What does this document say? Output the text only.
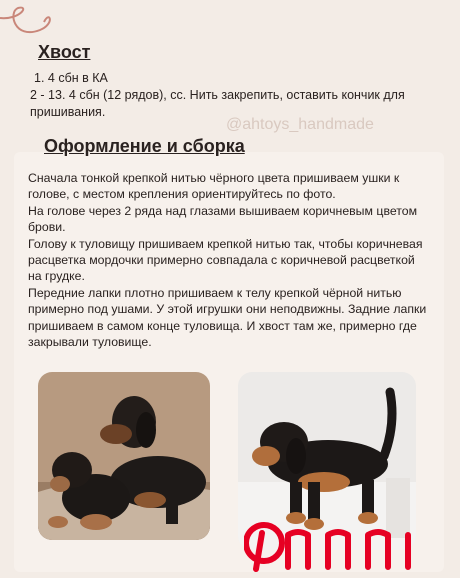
Хвост
1. 4 сбн в КА
2 - 13. 4 сбн (12 рядов), сс. Нить закрепить, оставить кончик для пришивания.
@ahtoys_handmade
Оформление и сборка

Сначала тонкой крепкой нитью чёрного цвета пришиваем ушки к голове, с местом крепления ориентируйтесь по фото.

На голове через 2 ряда над глазами вышиваем коричневым цветом брови.

Голову к туловищу пришиваем крепкой нитью так, чтобы коричневая расцветка мордочки примерно совпадала с коричневой расцветкой на грудке.

Передние лапки плотно пришиваем к телу крепкой чёрной нитью примерно под ушами. У этой игрушки они неподвижны. Задние лапки пришиваем в самом конце туловища. И хвост там же, примерно где закрывали туловище.
